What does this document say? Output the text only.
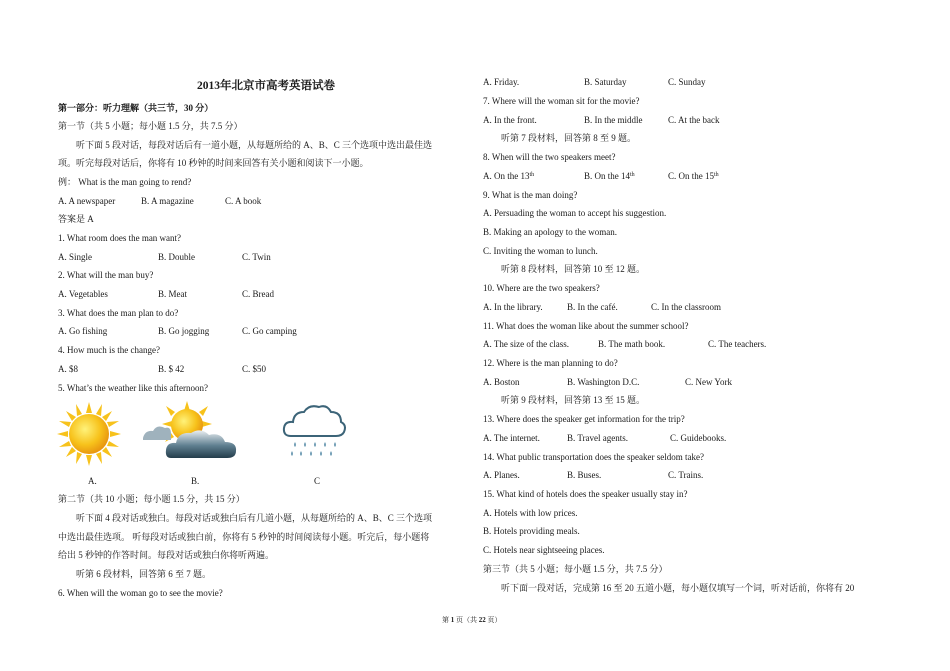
2013年北京市高考英语试卷
第一部分：听力理解（共三节，30 分）
第一节（共 5 小题；每小题 1.5 分，共 7.5 分）
听下面 5 段对话，每段对话后有一道小题，从每题所给的 A、B、C 三个选项中选出最佳选
项。听完每段对话后，你将有 10 秒钟的时间来回答有关小题和阅读下一小题。
例： What is the man going to rend?
A. A newspaper	B. A magazine	C. A book
答案是 A
1. What room does the man want?
A. Single	B. Double	C. Twin
2. What will the man buy?
A. Vegetables	B. Meat	C. Bread
3. What does the man plan to do?
A. Go fishing	B. Go jogging	C. Go camping
4. How much is the change?
A. $8	B. $ 42	C. $50
5. What’s the weather like this afternoon?
A.	B.	C
第二节（共 10 小题；每小题 1.5 分，共 15 分）
听下面 4 段对话或独白。每段对话或独白后有几道小题，从每题所给的 A、B、C 三个选项
中选出最佳选项。 听每段对话或独白前，你将有 5 秒钟的时间阅读每小题。听完后，每小题将
给出 5 秒钟的作答时间。每段对话或独白你将听两遍。
听第 6 段材料，回答第 6 至 7 题。
6. When will the woman go to see the movie?
A. Friday.	B. Saturday	C. Sunday
7. Where will the woman sit for the movie?
A. In the front.	B. In the middle	C. At the back
听第 7 段材料，回答第 8 至 9 题。
8. When will the two speakers meet?
A. On the 13th	B. On the 14th	C. On the 15th
9. What is the man doing?
A. Persuading the woman to accept his suggestion.
B. Making an apology to the woman.
C. Inviting the woman to lunch.
听第 8 段材料，回答第 10 至 12 题。
10. Where are the two speakers?
A. In the library.	B. In the café.	C. In the classroom
11. What does the woman like about the summer school?
A. The size of the class.	B. The math book.	C. The teachers.
12. Where is the man planning to do?
A. Boston	B. Washington D.C.	C. New York
听第 9 段材料，回答第 13 至 15 题。
13. Where does the speaker get information for the trip?
A. The internet.	B. Travel agents.	C. Guidebooks.
14. What public transportation does the speaker seldom take?
A. Planes.	B. Buses.	C. Trains.
15. What kind of hotels does the speaker usually stay in?
A. Hotels with low prices.
B. Hotels providing meals.
C. Hotels near sightseeing places.
第三节（共 5 小题；每小题 1.5 分，共 7.5 分）
听下面一段对话，完成第 16 至 20 五道小题，每小题仅填写一个词，听对话前，你将有 20
第 1 页（共 22 页）
